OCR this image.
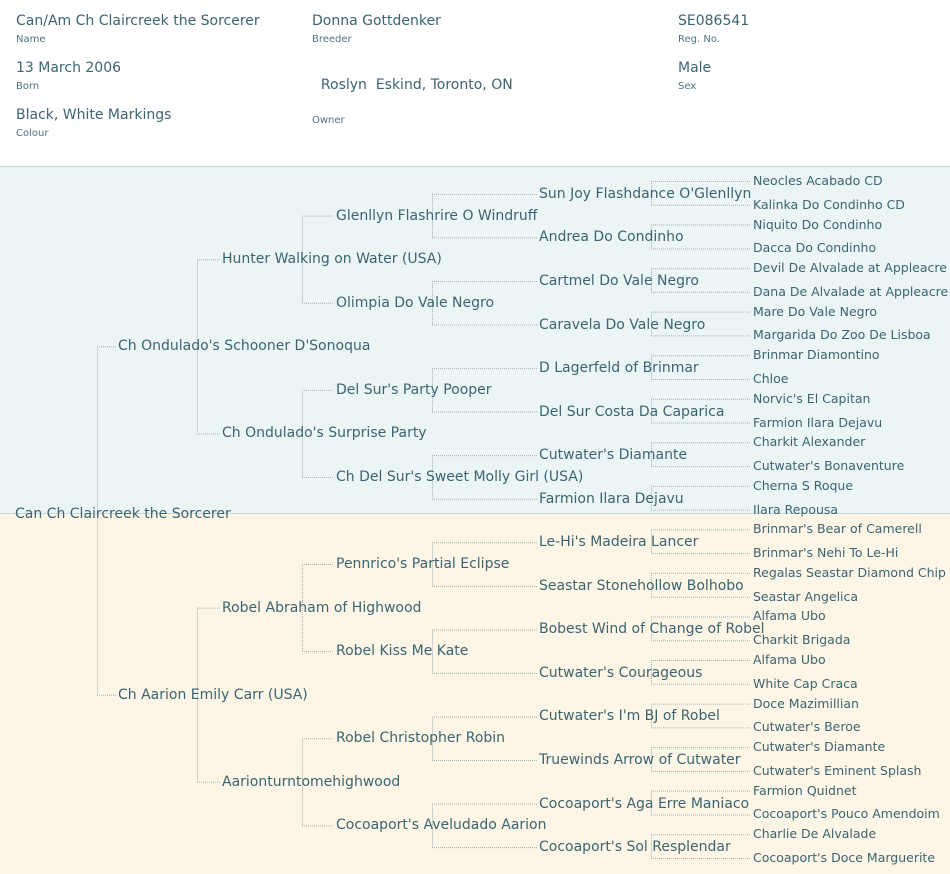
Can/Am Ch Claircreek the Sorcerer
Name
Donna Gottdenker
Breeder
SE086541
Reg. No.
13 March 2006
Born	Roslyn  Eskind, Toronto, ON

Owner

Male
Sex
Black, White Markings
Colour
Can Ch Claircreek the Sorcerer
Ch Ondulado's Schooner D'Sonoqua
Ch Aarion Emily Carr (USA)
Hunter Walking on Water (USA)
Ch Ondulado's Surprise Party
Robel Abraham of Highwood
Aarionturntomehighwood
Glenllyn Flashrire O Windruff
Olimpia Do Vale Negro
Del Sur's Party Pooper
Ch Del Sur's Sweet Molly Girl (USA)
Pennrico's Partial Eclipse
Robel Kiss Me Kate
Robel Christopher Robin
Cocoaport's Aveludado Aarion
Sun Joy Flashdance O'Glenllyn
Andrea Do Condinho
Cartmel Do Vale Negro
Caravela Do Vale Negro
D Lagerfeld of Brinmar
Del Sur Costa Da Caparica
Cutwater's Diamante
Farmion Ilara Dejavu
Le-Hi's Madeira Lancer
Seastar Stonehollow Bolhobo
Bobest Wind of Change of Robel
Cutwater's Courageous
Cutwater's I'm BJ of Robel
Truewinds Arrow of Cutwater
Cocoaport's Aga Erre Maniaco
Cocoaport's Sol Resplendar
Neocles Acabado CD
Kalinka Do Condinho CD
Niquito Do Condinho
Dacca Do Condinho
Devil De Alvalade at Appleacre
Dana De Alvalade at Appleacre
Mare Do Vale Negro
Margarida Do Zoo De Lisboa
Brinmar Diamontino
Chloe
Norvic's El Capitan
Farmion Ilara Dejavu
Charkit Alexander
Cutwater's Bonaventure
Cherna S Roque
Ilara Repousa
Brinmar's Bear of Camerell
Brinmar's Nehi To Le-Hi
Regalas Seastar Diamond Chip
Seastar Angelica
Alfama Ubo
Charkit Brigada
Alfama Ubo
White Cap Craca
Doce Mazimillian
Cutwater's Beroe
Cutwater's Diamante
Cutwater's Eminent Splash
Farmion Quidnet
Cocoaport's Pouco Amendoim
Charlie De Alvalade
Cocoaport's Doce Marguerite
